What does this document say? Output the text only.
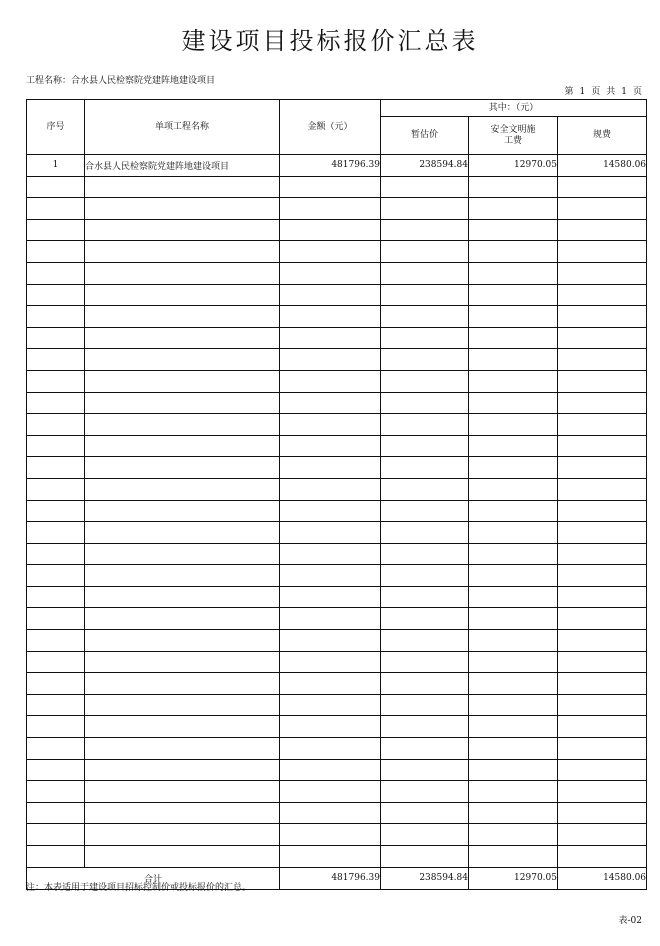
建设项目投标报价汇总表
工程名称：合水县人民检察院党建阵地建设项目
第 1 页 共 1 页
序号	单项工程名称	金额（元）	其中：（元）		
			暂估价	安全文明施工费	规费
1	合水县人民检察院党建阵地建设项目	481796.39	238594.84	12970.05	14580.06

合计		481796.39	238594.84	12970.05	14580.06
注：本表适用于建设项目招标控制价或投标报价的汇总。
表-02
